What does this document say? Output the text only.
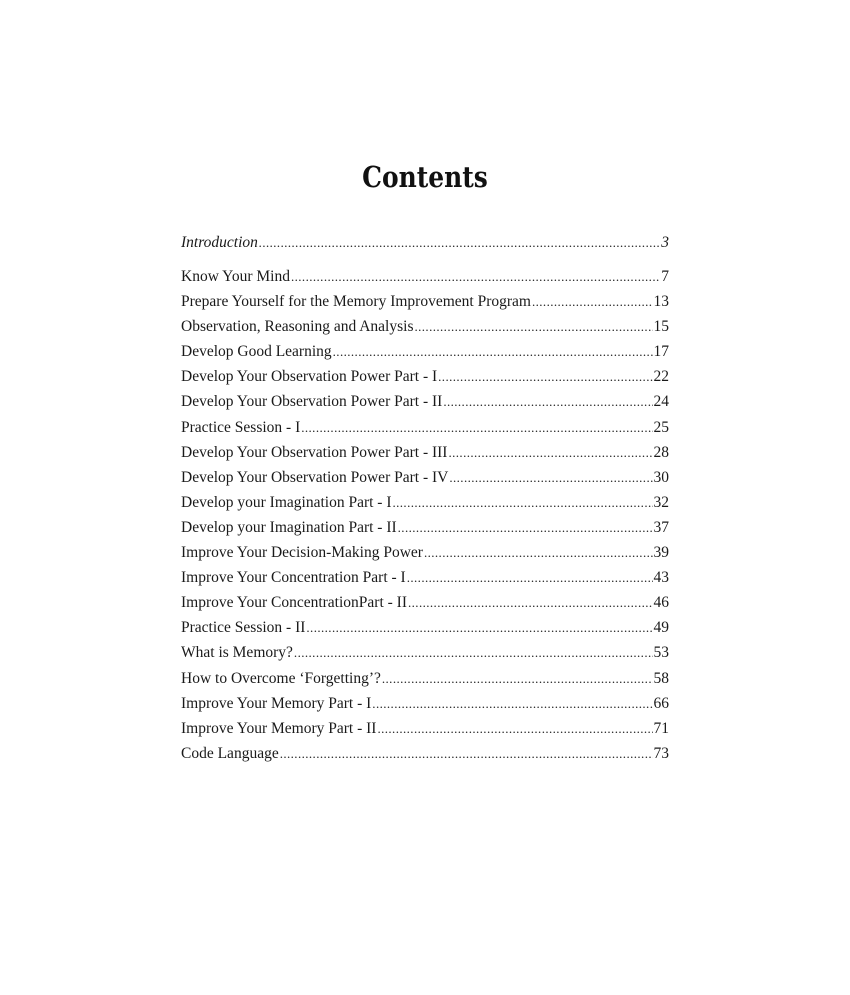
Contents
Introduction .....	3
Know Your Mind .....	7
Prepare Yourself for the Memory Improvement Program .....	13
Observation, Reasoning and Analysis .....	15
Develop Good Learning .....	17
Develop Your Observation Power Part - I .....	22
Develop Your Observation Power Part - II .....	24
Practice Session - I .....	25
Develop Your Observation Power Part - III .....	28
Develop Your Observation Power Part - IV .....	30
Develop your Imagination Part - I .....	32
Develop your Imagination Part - II .....	37
Improve Your Decision-Making Power .....	39
Improve Your Concentration Part - I .....	43
Improve Your ConcentrationPart - II .....	46
Practice Session - II .....	49
What is Memory? .....	53
How to Overcome ‘Forgetting’? .....	58
Improve Your Memory Part - I .....	66
Improve Your Memory Part - II .....	71
Code Language .....	73
